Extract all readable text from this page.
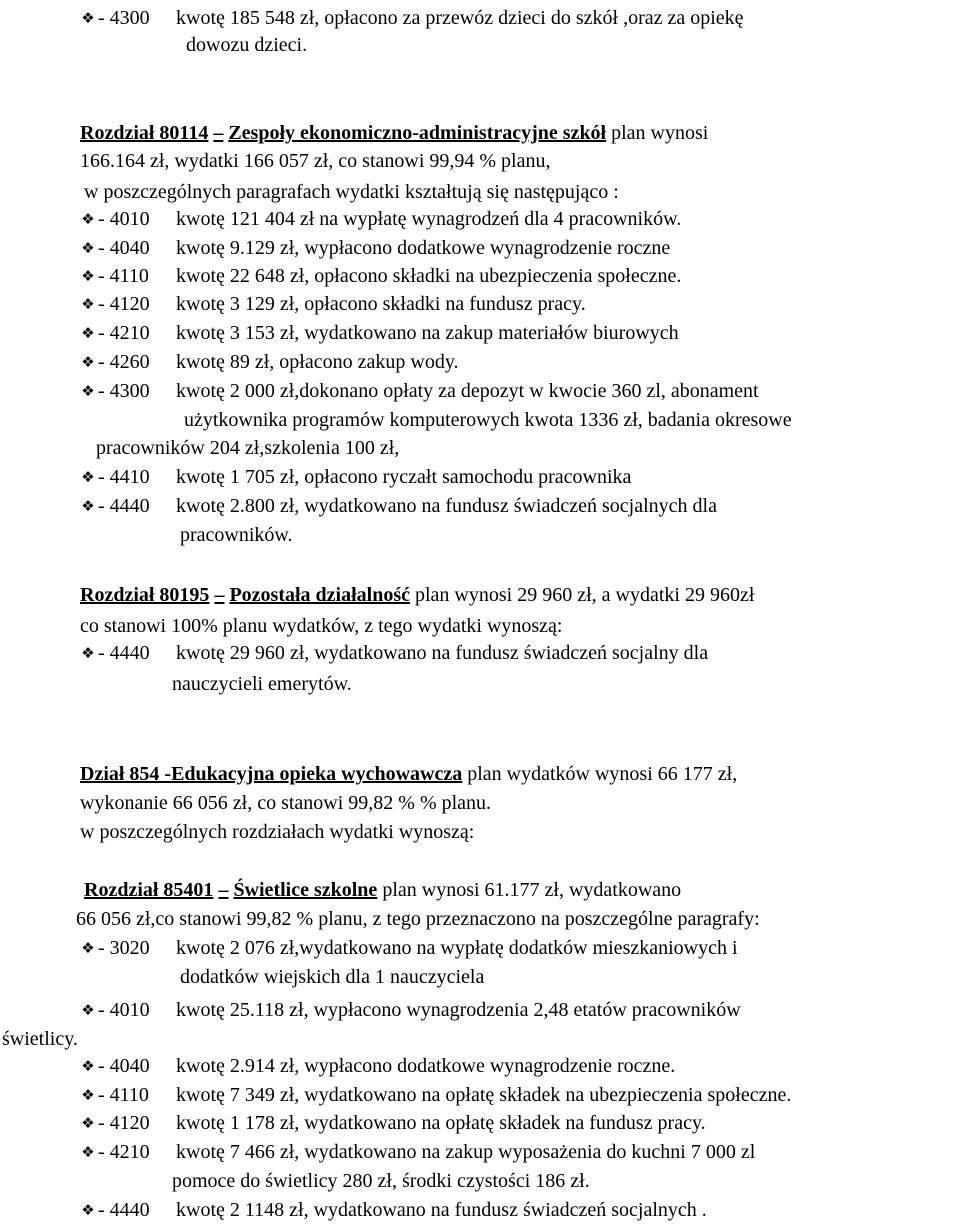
❖
- 4300 kwotę 185 548 zł, opłacono za przewóz dzieci do szkół ,oraz za opiekę
dowozu dzieci.
Rozdział 80114 – Zespoły ekonomiczno-administracyjne szkół plan wynosi
166.164 zł, wydatki 166 057 zł, co stanowi 99,94 % planu,
w poszczególnych paragrafach wydatki kształtują się następująco :
❖
- 4010 kwotę 121 404 zł na wypłatę wynagrodzeń dla 4 pracowników.
❖
- 4040 kwotę 9.129 zł, wypłacono dodatkowe wynagrodzenie roczne
❖
- 4110 kwotę 22 648 zł, opłacono składki na ubezpieczenia społeczne.
❖
- 4120 kwotę 3 129 zł, opłacono składki na fundusz pracy.
❖
- 4210 kwotę 3 153 zł, wydatkowano na zakup materiałów biurowych
❖
- 4260 kwotę 89 zł, opłacono zakup wody.
❖
- 4300 kwotę 2 000 zł,dokonano opłaty za depozyt w kwocie 360 zl, abonament
użytkownika programów komputerowych kwota 1336 zł, badania okresowe
pracowników 204 zł,szkolenia 100 zł,
❖
- 4410 kwotę 1 705 zł, opłacono ryczałt samochodu pracownika
❖
- 4440 kwotę 2.800 zł, wydatkowano na fundusz świadczeń socjalnych dla
pracowników.
Rozdział 80195 – Pozostała działalność plan wynosi 29 960 zł, a wydatki 29 960zł
co stanowi 100% planu wydatków, z tego wydatki wynoszą:
❖
- 4440 kwotę 29 960 zł, wydatkowano na fundusz świadczeń socjalny dla
nauczycieli emerytów.
Dział 854 -Edukacyjna opieka wychowawcza plan wydatków wynosi 66 177 zł,
wykonanie 66 056 zł, co stanowi 99,82 % % planu.
w poszczególnych rozdziałach wydatki wynoszą:
Rozdział 85401 – Świetlice szkolne plan wynosi 61.177 zł, wydatkowano
66 056 zł,co stanowi 99,82 % planu, z tego przeznaczono na poszczególne paragrafy:
❖
- 3020 kwotę 2 076 zł,wydatkowano na wypłatę dodatków mieszkaniowych i
dodatków wiejskich dla 1 nauczyciela
❖
- 4010 kwotę 25.118 zł, wypłacono wynagrodzenia 2,48 etatów pracowników
świetlicy.
❖
- 4040 kwotę 2.914 zł, wypłacono dodatkowe wynagrodzenie roczne.
❖
- 4110 kwotę 7 349 zł, wydatkowano na opłatę składek na ubezpieczenia społeczne.
❖
- 4120 kwotę 1 178 zł, wydatkowano na opłatę składek na fundusz pracy.
❖
- 4210 kwotę 7 466 zł, wydatkowano na zakup wyposażenia do kuchni 7 000 zl
pomoce do świetlicy 280 zł, środki czystości 186 zł.
❖
- 4440 kwotę 2 1148 zł, wydatkowano na fundusz świadczeń socjalnych .
